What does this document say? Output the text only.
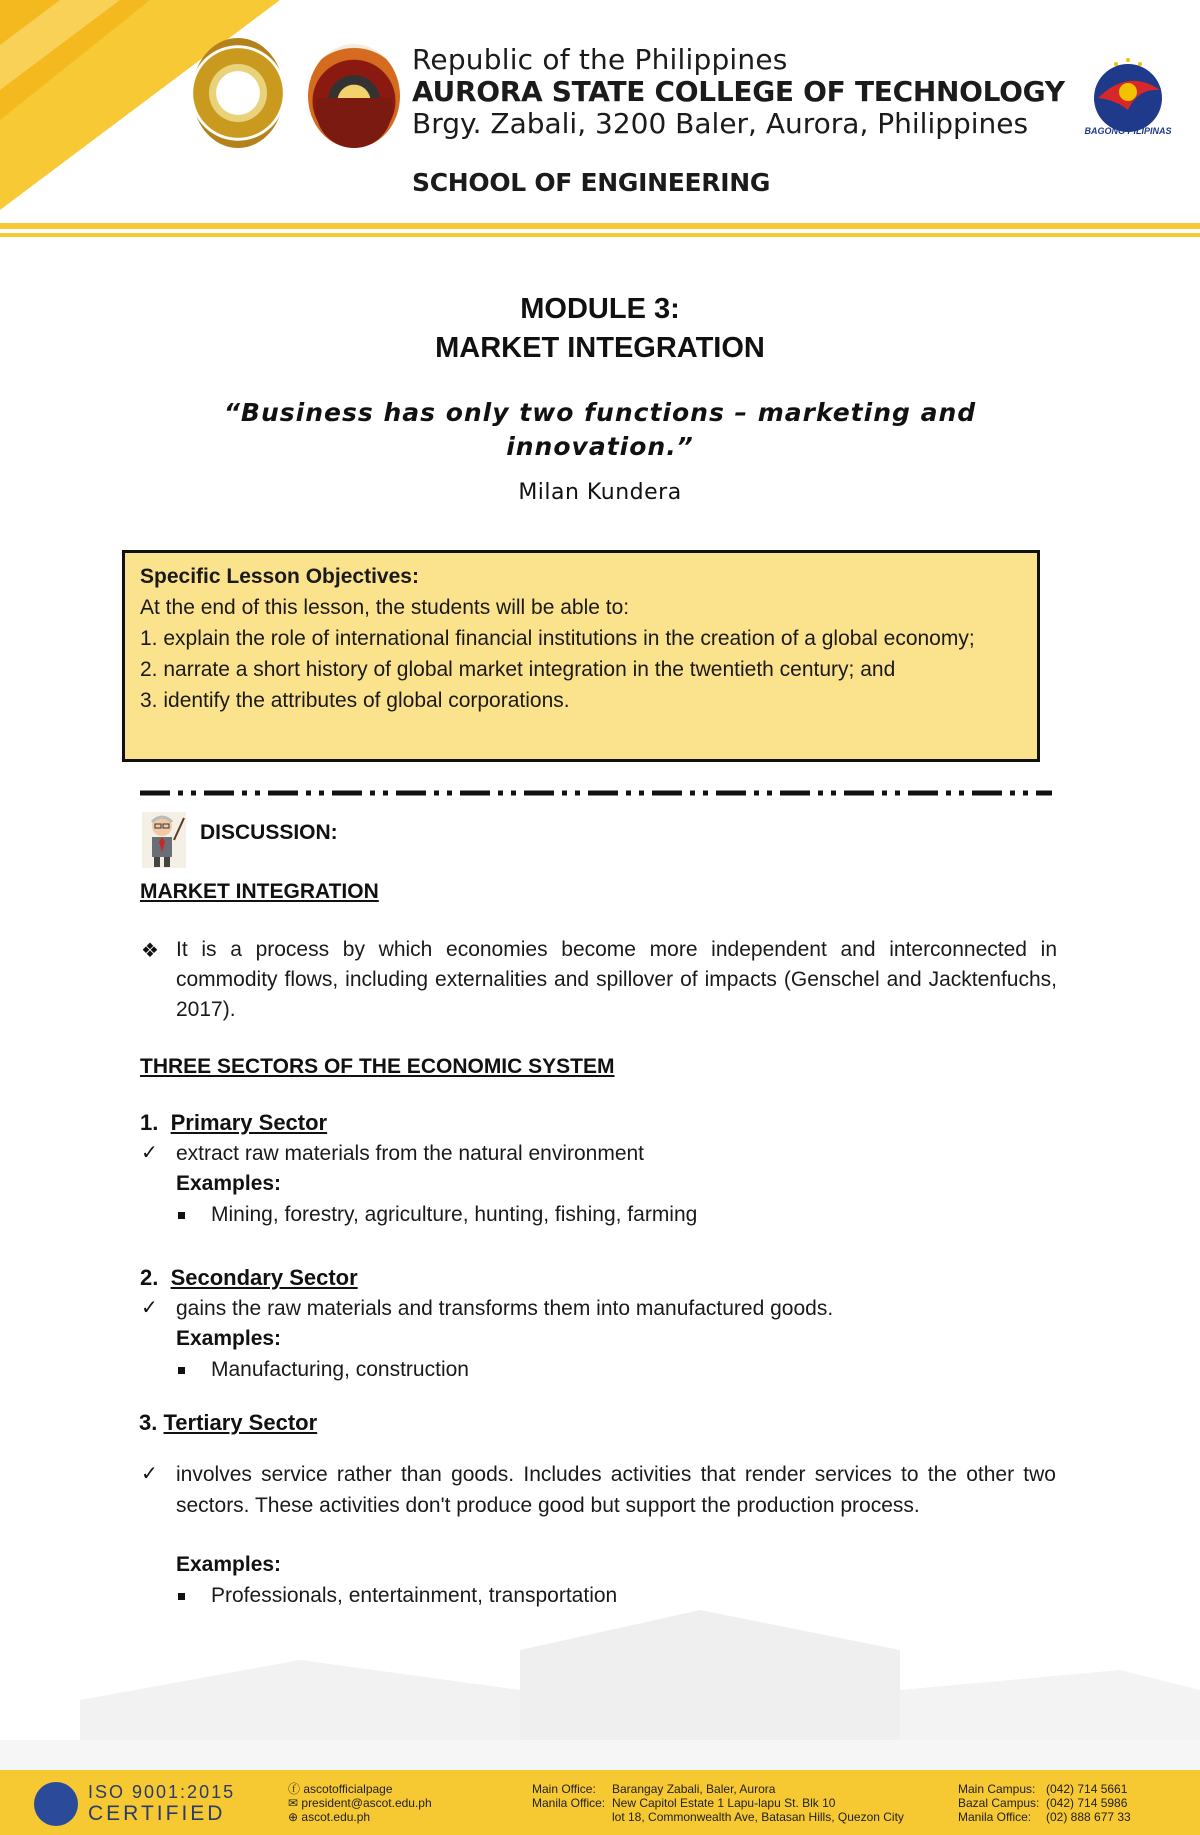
Republic of the Philippines
AURORA STATE COLLEGE OF TECHNOLOGY
Brgy. Zabali, 3200 Baler, Aurora, Philippines
SCHOOL OF ENGINEERING
BAGONG PILIPINAS
MODULE 3:
MARKET INTEGRATION
“Business has only two functions – marketing and innovation.”
Milan Kundera
Specific Lesson Objectives:
At the end of this lesson, the students will be able to:
1. explain the role of international financial institutions in the creation of a global economy;
2. narrate a short history of global market integration in the twentieth century; and
3. identify the attributes of global corporations.
DISCUSSION:
MARKET INTEGRATION
❖ It is a process by which economies become more independent and interconnected in commodity flows, including externalities and spillover of impacts (Genschel and Jacktenfuchs, 2017).
THREE SECTORS OF THE ECONOMIC SYSTEM
1. Primary Sector
✓ extract raw materials from the natural environment
Examples:
Mining, forestry, agriculture, hunting, fishing, farming
2. Secondary Sector
✓ gains the raw materials and transforms them into manufactured goods.
Examples:
Manufacturing, construction
3. Tertiary Sector
✓ involves service rather than goods. Includes activities that render services to the other two sectors. These activities don't produce good but support the production process.
Examples:
Professionals, entertainment, transportation
ISO 9001:2015
CERTIFIED
ⓕ ascotofficialpage
✉ president@ascot.edu.ph
⊕ ascot.edu.ph
Main Office: Barangay Zabali, Baler, Aurora
Manila Office: New Capitol Estate 1 Lapu-lapu St. Blk 10
lot 18, Commonwealth Ave, Batasan Hills, Quezon City
Main Campus: (042) 714 5661
Bazal Campus: (042) 714 5986
Manila Office: (02) 888 677 33
